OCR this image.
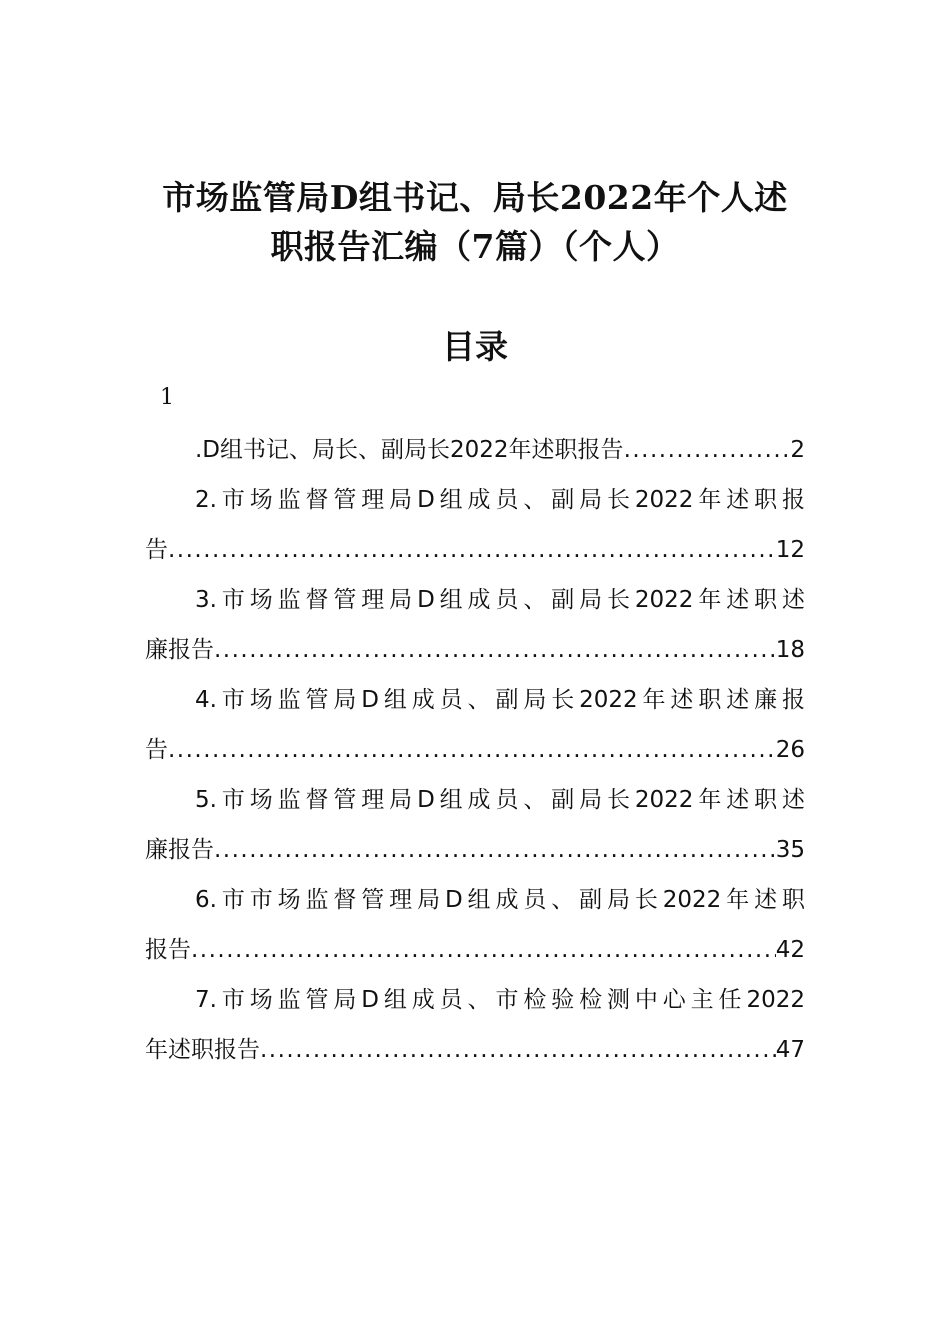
市场监管局D组书记、局长2022年个人述
职报告汇编（7篇）（个人）
目录
1
.D组书记、局长、副局长2022年述职报告 .....	2
2.市场监督管理局D组成员、副局长2022年述职报
告 .....	12
3.市场监督管理局D组成员、副局长2022年述职述
廉报告 .....	18
4.市场监管局D组成员、副局长2022年述职述廉报
告 .....	26
5.市场监督管理局D组成员、副局长2022年述职述
廉报告 .....	35
6.市市场监督管理局D组成员、副局长2022年述职
报告 .....	42
7.市场监管局D组成员、市检验检测中心主任2022
年述职报告 .....	47
